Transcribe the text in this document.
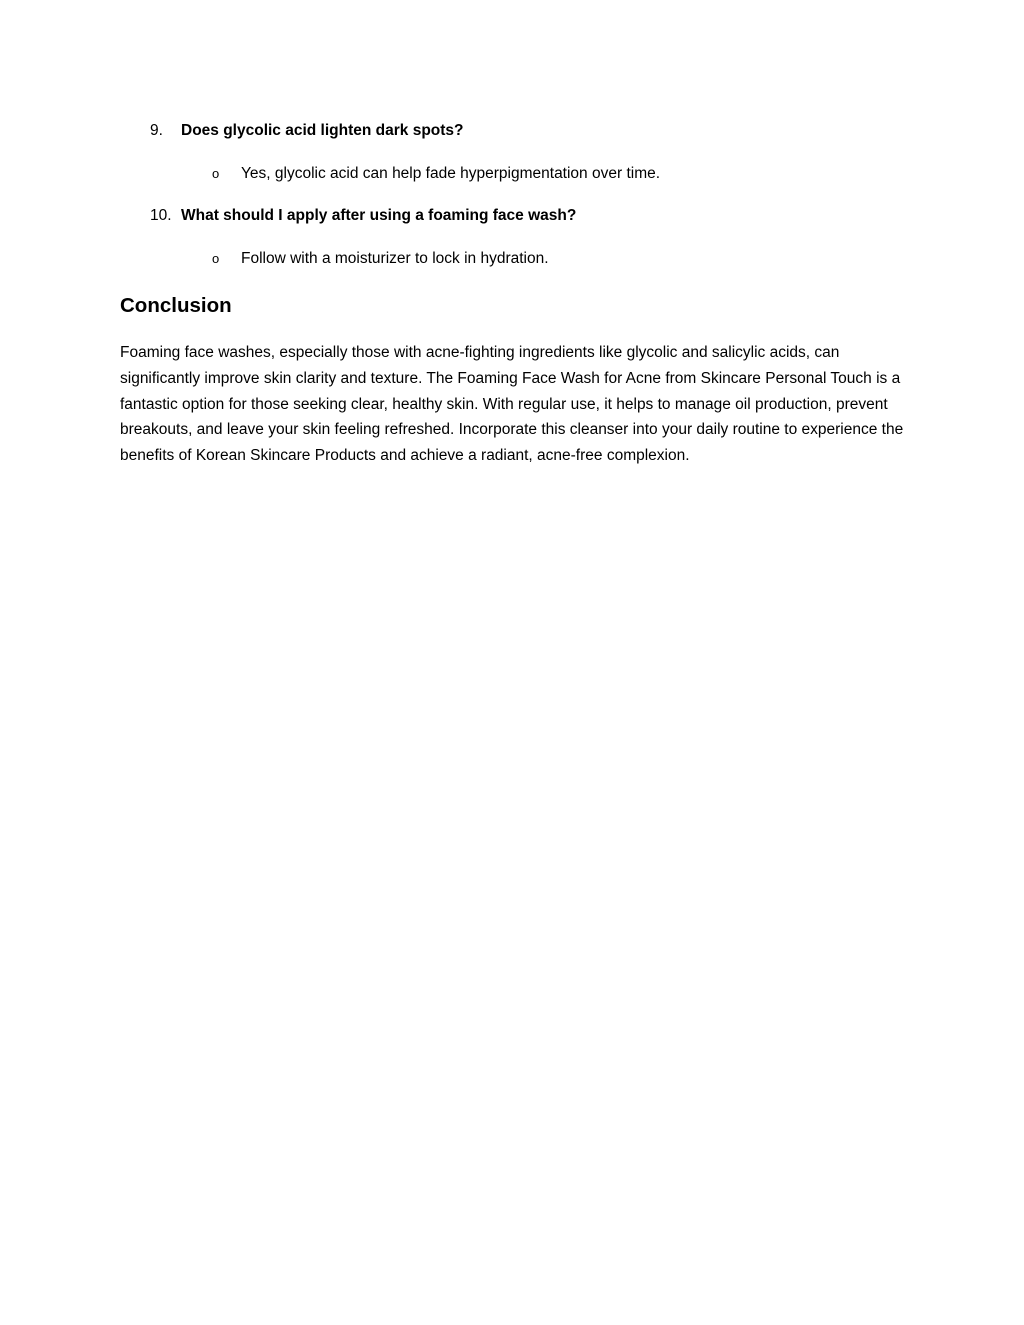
9. Does glycolic acid lighten dark spots?
o Yes, glycolic acid can help fade hyperpigmentation over time.
10. What should I apply after using a foaming face wash?
o Follow with a moisturizer to lock in hydration.
Conclusion

Foaming face washes, especially those with acne-fighting ingredients like glycolic and salicylic acids, can significantly improve skin clarity and texture. The Foaming Face Wash for Acne from Skincare Personal Touch is a fantastic option for those seeking clear, healthy skin. With regular use, it helps to manage oil production, prevent breakouts, and leave your skin feeling refreshed. Incorporate this cleanser into your daily routine to experience the benefits of Korean Skincare Products and achieve a radiant, acne-free complexion.
